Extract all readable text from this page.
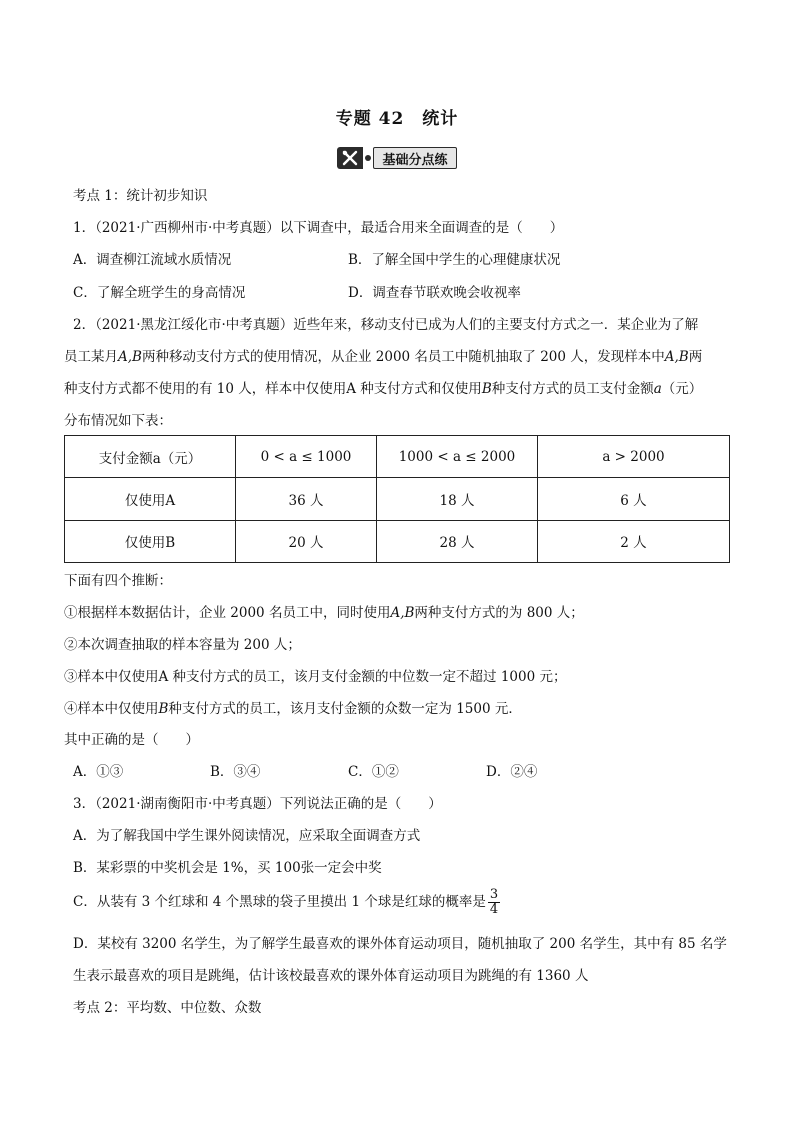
专题 42　统计
基础分点练
考点 1：统计初步知识
1．（2021·广西柳州市·中考真题）以下调查中，最适合用来全面调查的是（　　）
A．调查柳江流域水质情况	B．了解全国中学生的心理健康状况
C．了解全班学生的身高情况	D．调查春节联欢晚会收视率
2．（2021·黑龙江绥化市·中考真题）近些年来，移动支付已成为人们的主要支付方式之一．某企业为了解
员工某月A,B两种移动支付方式的使用情况，从企业 2000 名员工中随机抽取了 200 人，发现样本中A,B两
种支付方式都不使用的有 10 人，样本中仅使用A 种支付方式和仅使用B种支付方式的员工支付金额a（元）
分布情况如下表：
支付金额a（元）	0 < a ≤ 1000	1000 < a ≤ 2000	a > 2000
仅使用A	36 人	18 人	6 人
仅使用B	20 人	28 人	2 人
下面有四个推断：
①根据样本数据估计，企业 2000 名员工中，同时使用A,B两种支付方式的为 800 人；
②本次调查抽取的样本容量为 200 人；
③样本中仅使用A 种支付方式的员工，该月支付金额的中位数一定不超过 1000 元；
④样本中仅使用B种支付方式的员工，该月支付金额的众数一定为 1500 元．
其中正确的是（　　）
A．①③	B．③④	C．①②	D．②④
3．（2021·湖南衡阳市·中考真题）下列说法正确的是（　　）
A．为了解我国中学生课外阅读情况，应采取全面调查方式
B．某彩票的中奖机会是 1%，买 100张一定会中奖
C．从装有 3 个红球和 4 个黑球的袋子里摸出 1 个球是红球的概率是 $\frac{3}{4}$
D．某校有 3200 名学生，为了解学生最喜欢的课外体育运动项目，随机抽取了 200 名学生，其中有 85 名学
生表示最喜欢的项目是跳绳，估计该校最喜欢的课外体育运动项目为跳绳的有 1360 人
考点 2：平均数、中位数、众数
